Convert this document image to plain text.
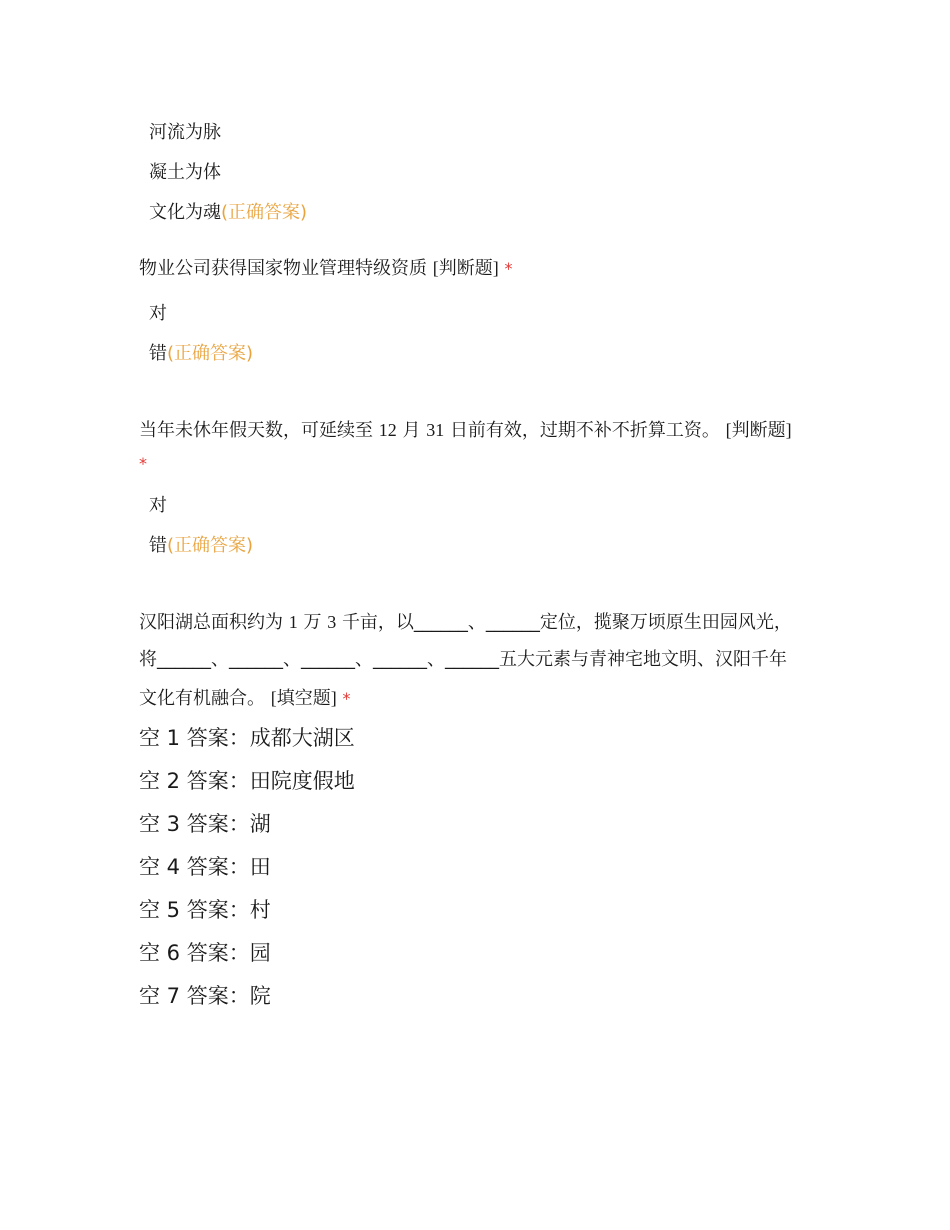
河流为脉
凝土为体
文化为魂(正确答案)
物业公司获得国家物业管理特级资质 [判断题] *
对
错(正确答案)
当年未休年假天数，可延续至 12 月 31 日前有效，过期不补不折算工资。 [判断题]
*
对
错(正确答案)
汉阳湖总面积约为 1 万 3 千亩，以______、______定位，揽聚万顷原生田园风光，
将______、______、______、______、______五大元素与青神宅地文明、汉阳千年
文化有机融合。 [填空题] *
空 1 答案：成都大湖区
空 2 答案：田院度假地
空 3 答案：湖
空 4 答案：田
空 5 答案：村
空 6 答案：园
空 7 答案：院
